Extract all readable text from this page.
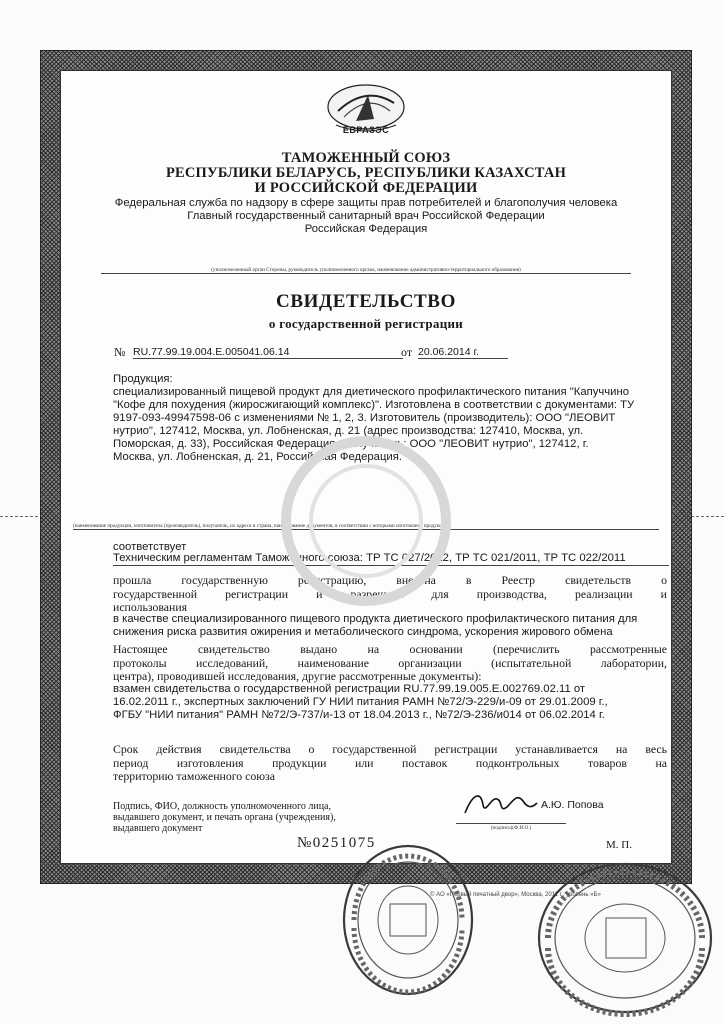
ЕВРАЗЭС
ТАМОЖЕННЫЙ СОЮЗ
РЕСПУБЛИКИ БЕЛАРУСЬ, РЕСПУБЛИКИ КАЗАХСТАН
И РОССИЙСКОЙ ФЕДЕРАЦИИ
Федеральная служба по надзору в сфере защиты прав потребителей и благополучия человека
Главный государственный санитарный врач Российской Федерации
Российская Федерация
(уполномоченный орган Стороны, руководитель уполномоченного органа, наименование административно-территориального образования)
СВИДЕТЕЛЬСТВО
о государственной регистрации
№ RU.77.99.19.004.Е.005041.06.14	от 20.06.2014 г.
Продукция:
специализированный пищевой продукт для диетического профилактического питания "Капуччино
"Кофе для похудения (жиросжигающий комплекс)". Изготовлена в соответствии с документами: ТУ
9197-093-49947598-06 с изменениями № 1, 2, 3. Изготовитель (производитель): ООО "ЛЕОВИТ
нутрио", 127412, Москва, ул. Лобненская, д. 21 (адрес производства: 127410, Москва, ул.
Поморская, д. 33), Российская Федерация. Получатель: ООО "ЛЕОВИТ нутрио", 127412, г.
Москва, ул. Лобненская, д. 21, Российская Федерация.
(наименование продукции, изготовитель (производитель), получатель, их адреса и страна, наименование документов, в соответствии с которыми изготовлена продукция)
соответствует
Техническим регламентам Таможенного союза: ТР ТС 027/2012, ТР ТС 021/2011, ТР ТС 022/2011
прошла государственную регистрацию, внесена в Реестр свидетельств о
государственной регистрации и разрешена для производства, реализации и
использования
в качестве специализированного пищевого продукта диетического профилактического питания для
снижения риска развития ожирения и метаболического синдрома, ускорения жирового обмена
Настоящее свидетельство выдано на основании (перечислить рассмотренные
протоколы исследований, наименование организации (испытательной лаборатории,
центра), проводившей исследования, другие рассмотренные документы):
взамен свидетельства о государственной регистрации RU.77.99.19.005.Е.002769.02.11 от
16.02.2011 г., экспертных заключений ГУ НИИ питания РАМН №72/Э-229/и-09 от 29.01.2009 г.,
ФГБУ "НИИ питания" РАМН №72/Э-737/и-13 от 18.04.2013 г., №72/Э-236/и014 от 06.02.2014 г.
Срок действия свидетельства о государственной регистрации устанавливается на весь
период изготовления продукции или поставок подконтрольных товаров на
территорию таможенного союза
Подпись, ФИО, должность уполномоченного лица,
выдавшего документ, и печать органа (учреждения),
выдавшего документ
А.Ю. Попова
(подпись)(Ф.И.О.)
№0251075	М. П.
© АО «Первый печатный двор», Москва, 2011 г., уровень «Б»
